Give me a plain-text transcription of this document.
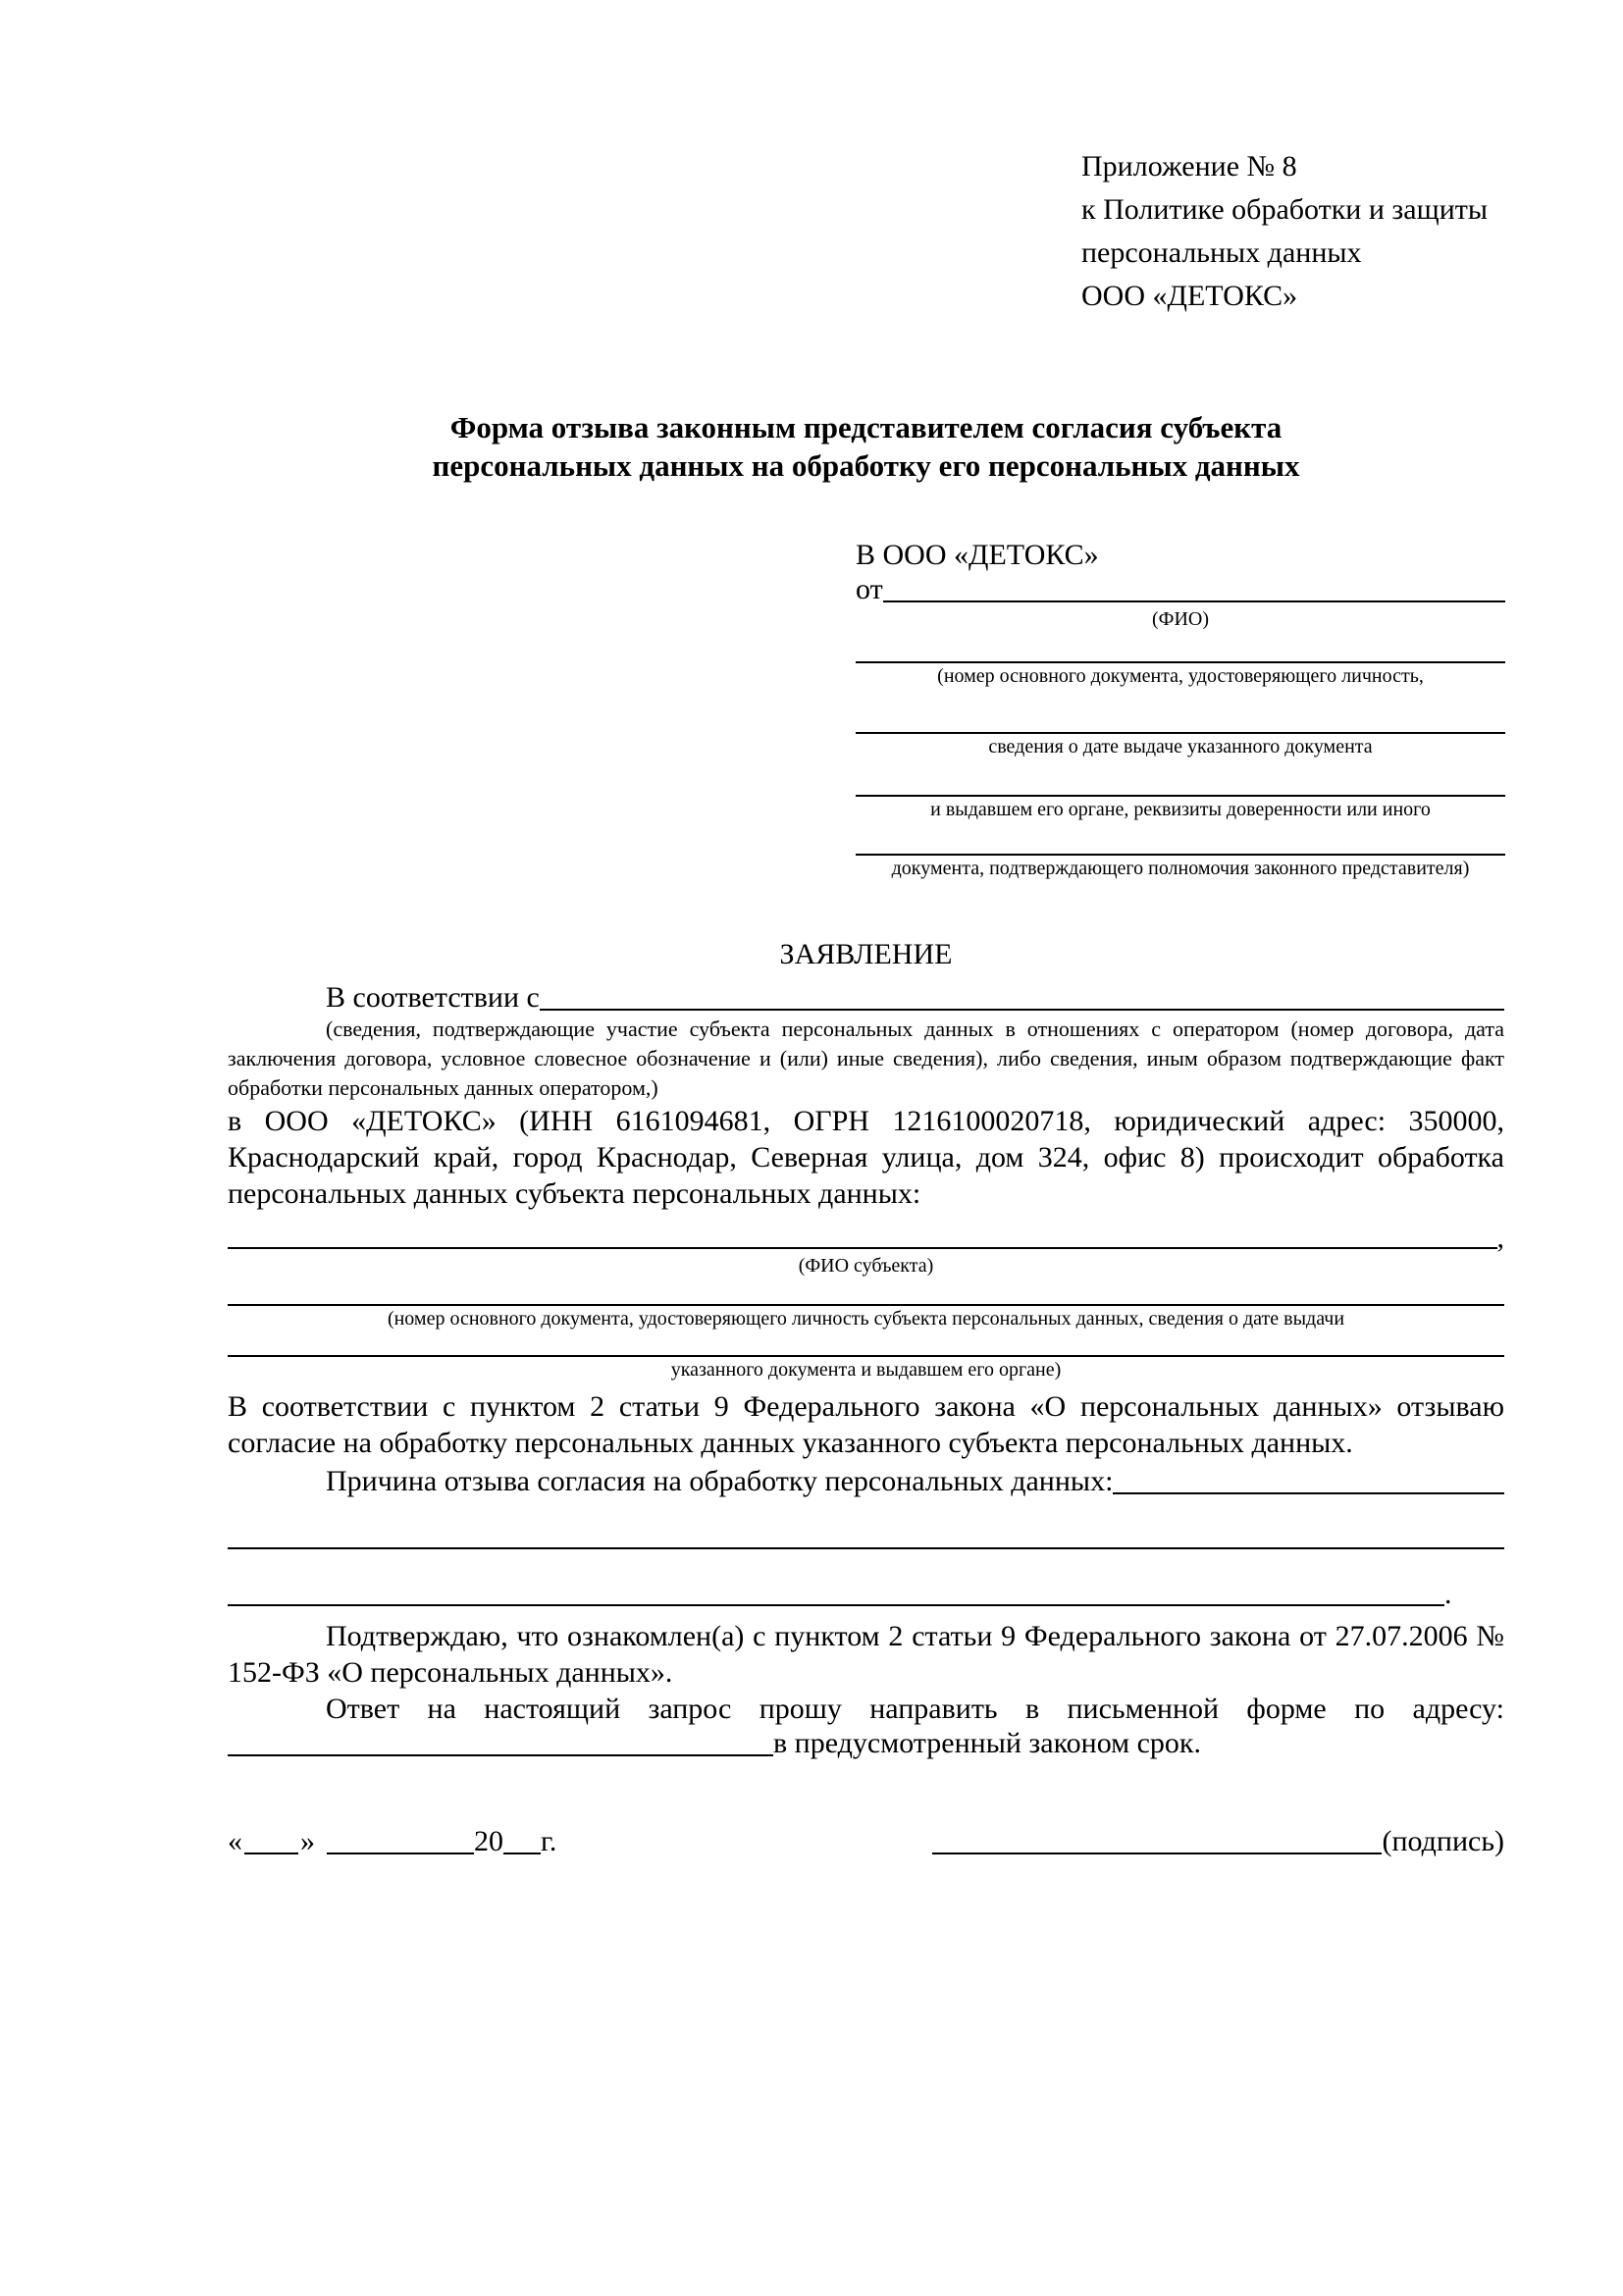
Приложение № 8
к Политике обработки и защиты
персональных данных
ООО «ДЕТОКС»
Форма отзыва законным представителем согласия субъекта
персональных данных на обработку его персональных данных
В ООО «ДЕТОКС»
от
(ФИО)
(номер основного документа, удостоверяющего личность,
сведения о дате выдаче указанного документа
и выдавшем его органе, реквизиты доверенности или иного
документа, подтверждающего полномочия законного представителя)
ЗАЯВЛЕНИЕ
В соответствии с
(сведения, подтверждающие участие субъекта персональных данных в отношениях с оператором (номер договора, дата заключения договора, условное словесное обозначение и (или) иные сведения), либо сведения, иным образом подтверждающие факт обработки персональных данных оператором,)
в ООО «ДЕТОКС» (ИНН 6161094681, ОГРН 1216100020718, юридический адрес: 350000, Краснодарский край, город Краснодар, Северная улица, дом 324, офис 8) происходит обработка персональных данных субъекта персональных данных:
,
(ФИО субъекта)
(номер основного документа, удостоверяющего личность субъекта персональных данных, сведения о дате выдачи
указанного документа и выдавшем его органе)
В соответствии с пунктом 2 статьи 9 Федерального закона «О персональных данных» отзываю согласие на обработку персональных данных указанного субъекта персональных данных.
Причина отзыва согласия на обработку персональных данных:
.
Подтверждаю, что ознакомлен(а) с пунктом 2 статьи 9 Федерального закона от 27.07.2006 № 152-ФЗ «О персональных данных».
Ответ на настоящий запрос прошу направить в письменной форме по адресу:
в предусмотренный законом срок.
« »	20 г.	(подпись)
